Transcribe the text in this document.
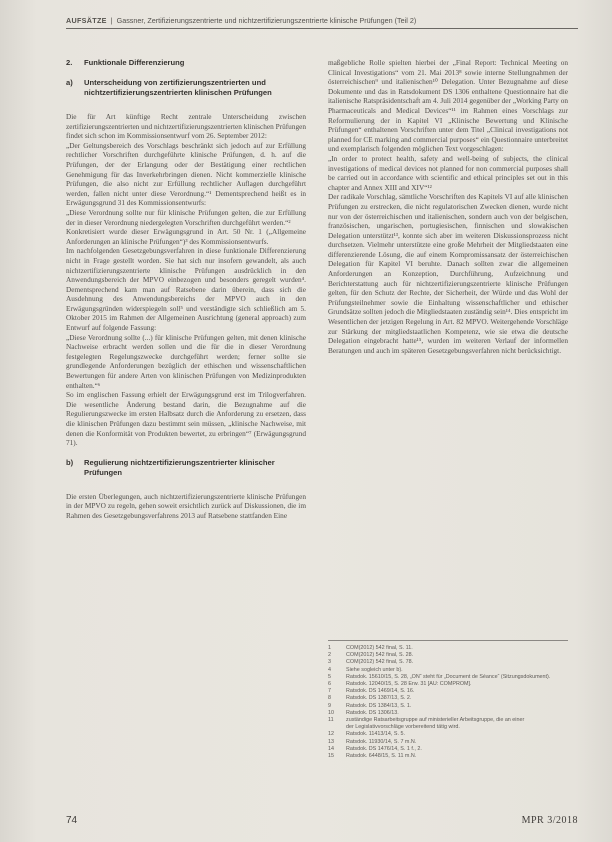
AUFSÄTZE | Gassner, Zertifizierungszentrierte und nichtzertifizierungszentrierte klinische Prüfungen (Teil 2)
2.	Funktionale Differenzierung
a)	Unterscheidung von zertifizierungszentrierten und nichtzertifizierungszentrierten klinischen Prüfungen

Die für Art künftige Recht zentrale Unterscheidung zwischen zertifizierungszentrierten und nichtzertifizierungszentrierten klinischen Prüfungen findet sich schon im Kommissionsentwurf vom 26. September 2012:

„Der Geltungsbereich des Vorschlags beschränkt sich jedoch auf zur Erfüllung rechtlicher Vorschriften durchgeführte klinische Prüfungen, d. h. auf die Prüfungen, der der Erlangung oder der Bestätigung einer rechtlichen Genehmigung für das Inverkehrbringen dienen. Nicht kommerzielle klinische Prüfungen, die also nicht zur Erfüllung rechtlicher Auflagen durchgeführt werden, fallen nicht unter diese Verordnung.“¹ Dementsprechend heißt es in Erwägungsgrund 31 des Kommissionsentwurfs:

„Diese Verordnung sollte nur für klinische Prüfungen gelten, die zur Erfüllung der in dieser Verordnung niedergelegten Vorschriften durchgeführt werden.“²

Konkretisiert wurde dieser Erwägungsgrund in Art. 50 Nr. 1 („Allgemeine Anforderungen an klinische Prüfungen“)³ des Kommissionsentwurfs.

Im nachfolgenden Gesetzgebungsverfahren in diese funktionale Differenzierung nicht in Frage gestellt worden. Sie hat sich nur insofern gewandelt, als auch nichtzertifizierungszentrierte klinische Prüfungen ausdrücklich in den Anwendungsbereich der MPVO einbezogen und besonders geregelt wurden⁴. Dementsprechend kam man auf Ratsebene darin überein, dass sich die Ausdehnung des Anwendungsbereichs der MPVO auch in den Erwägungsgründen widerspiegeln soll⁵ und verständigte sich schließlich am 5. Oktober 2015 im Rahmen der Allgemeinen Ausrichtung (general approach) zum Entwurf auf folgende Fassung:

„Diese Verordnung sollte (...) für klinische Prüfungen gelten, mit denen klinische Nachweise erbracht werden sollen und die für die in dieser Verordnung festgelegten Regelungszwecke durchgeführt werden; ferner sollte sie grundlegende Anforderungen bezüglich der ethischen und wissenschaftlichen Bewertungen für andere Arten von klinischen Prüfungen von Medizinprodukten enthalten.“⁶

So im englischen Fassung erhielt der Erwägungsgrund erst im Trilogverfahren. Die wesentliche Änderung bestand darin, die Bezugnahme auf die Regulierungszwecke im ersten Halbsatz durch die Anforderung zu ersetzen, dass die klinischen Prüfungen dazu bestimmt sein müssen, „klinische Nachweise, mit denen die Konformität von Produkten bewertet, zu erbringen“⁷ (Erwägungsgrund 71).

b)	Regulierung nichtzertifizierungszentrierter klinischer Prüfungen

Die ersten Überlegungen, auch nichtzertifizierungszentrierte klinische Prüfungen in der MPVO zu regeln, gehen soweit ersichtlich zurück auf Diskussionen, die im Rahmen des Gesetzgebungsverfahrens 2013 auf Ratsebene stattfanden Eine

maßgebliche Rolle spielten hierbei der „Final Report: Technical Meeting on Clinical Investigations“ vom 21. Mai 2013⁸ sowie interne Stellungnahmen der österreichischen⁹ und italienischen¹⁰ Delegation. Unter Bezugnahme auf diese Dokumente und das in Ratsdokument DS 1306 enthaltene Questionnaire hat die italienische Ratspräsidentschaft am 4. Juli 2014 gegenüber der „Working Party on Pharmaceuticals and Medical Devices“¹¹ im Rahmen eines Vorschlags zur Reformulierung der in Kapitel VI „Klinische Bewertung und Klinische Prüfungen“ enthaltenen Vorschriften unter dem Titel „Clinical investigations not planned for CE marking and commercial purposes“ ein Questionnaire unterbreitet und exemplarisch folgenden möglichen Text vorgeschlagen:

„In order to protect health, safety and well-being of subjects, the clinical investigations of medical devices not planned for non commercial purposes shall be carried out in accordance with scientific and ethical principles set out in this chapter and Annex XIII and XIV“¹²

Der radikale Vorschlag, sämtliche Vorschriften des Kapitels VI auf alle klinischen Prüfungen zu erstrecken, die nicht regulatorischen Zwecken dienen, wurde nicht nur von der österreichischen und italienischen, sondern auch von der belgischen, französischen, ungarischen, portugiesischen, finnischen und slowakischen Delegation unterstützt¹³, konnte sich aber im weiteren Diskussionsprozess nicht durchsetzen. Vielmehr unterstützte eine große Mehrheit der Mitgliedstaaten eine differenzierende Lösung, die auf einem Kompromissansatz der österreichischen Delegation für Kapitel VI beruhte. Danach sollten zwar die allgemeinen Anforderungen an Konzeption, Durchführung, Aufzeichnung und Berichterstattung auch für nichtzertifizierungszentrierte klinische Prüfungen gelten, für den Schutz der Rechte, der Sicherheit, der Würde und das Wohl der Prüfungsteilnehmer sowie die Einhaltung wissenschaftlicher und ethischer Grundsätze sollten jedoch die Mitgliedstaaten zuständig sein¹⁴. Dies entspricht im Wesentlichen der jetzigen Regelung in Art. 82 MPVO. Weitergehende Vorschläge zur Stärkung der mitgliedstaatlichen Kompetenz, wie sie etwa die deutsche Delegation eingebracht hatte¹⁵, wurden im weiteren Verlauf der informellen Beratungen und auch im späteren Gesetzgebungsverfahren nicht berücksichtigt.

1	COM(2012) 542 final, S. 11.
2	COM(2012) 542 final, S. 28.
3	COM(2012) 542 final, S. 78.
4	Siehe sogleich unter b).
5	Ratsdok. 15610/15, S. 28, „ON“ steht für „Document de Séance“ (Sitzungsdokument).
6	Ratsdok. 12040/15, S. 28 Erw. 31 [AU: COMPROM].
7	Ratsdok. DS 1469/14, S. 16.
8	Ratsdok. DS 1387/13, S. 2.
9	Ratsdok. DS 1384/13, S. 1.
10	Ratsdok. DS 1306/13.
11	zuständige Ratsarbeitsgruppe auf ministerieller Arbeitsgruppe, die an einer
der Legislativvorschläge vorbereitend tätig wird.
12	Ratsdok. 11413/14, S. 5.
13	Ratsdok. 11930/14, S. 7 m.N.
14	Ratsdok. DS 1476/14, S. 1 f., 2.
15	Ratsdok. 6448/15, S. 11 m.N.
74	MPR 3/2018
